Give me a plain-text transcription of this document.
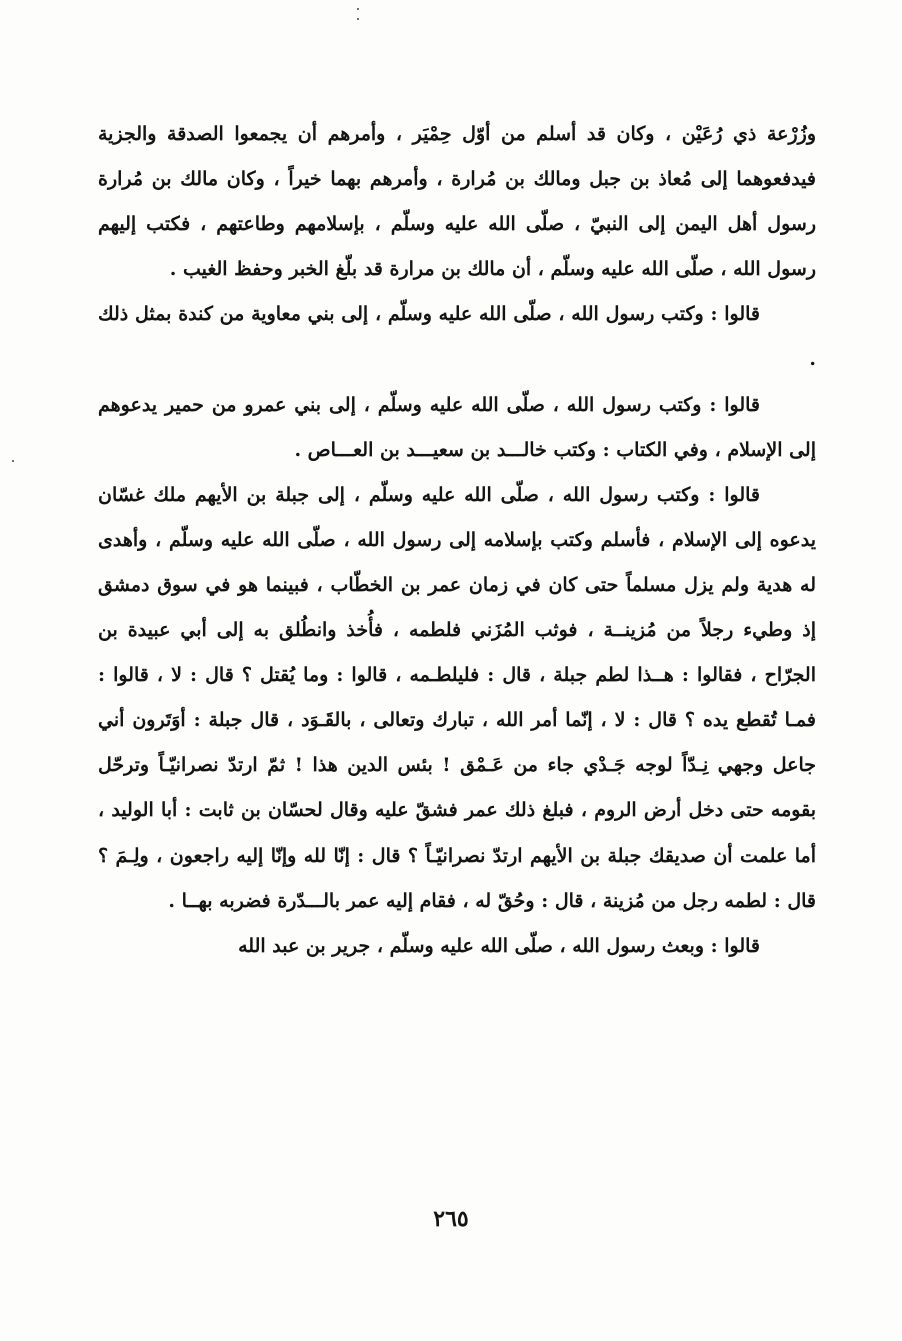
وزُرْعة ذي رُعَيْن ، وكان قد أسلم من أوّل حِمْيَر ، وأمرهم أن يجمعوا الصدقة والجزية فيدفعوهما إلى مُعاذ بن جبل ومالك بن مُرارة ، وأمرهم بهما خيراً ، وكان مالك بن مُرارة رسول أهل اليمن إلى النبيّ ، صلّى الله عليه وسلّم ، بإسلامهم وطاعتهم ، فكتب إليهم رسول الله ، صلّى الله عليه وسلّم ، أن مالك بن مرارة قد بلّغ الخبر وحفظ الغيب .

قالوا : وكتب رسول الله ، صلّى الله عليه وسلّم ، إلى بني معاوية من كندة بمثل ذلك .

قالوا : وكتب رسول الله ، صلّى الله عليه وسلّم ، إلى بني عمرو من حمير يدعوهم إلى الإسلام ، وفي الكتاب : وكتب خالـــد بن سعيـــد بن العـــاص .

قالوا : وكتب رسول الله ، صلّى الله عليه وسلّم ، إلى جبلة بن الأيهم ملك غسّان يدعوه إلى الإسلام ، فأسلم وكتب بإسلامه إلى رسول الله ، صلّى الله عليه وسلّم ، وأهدى له هدية ولم يزل مسلماً حتى كان في زمان عمر بن الخطّاب ، فبينما هو في سوق دمشق إذ وطيء رجلاً من مُزينــة ، فوثب المُزَني فلطمه ، فأُخذ وانطُلق به إلى أبي عبيدة بن الجرّاح ، فقالوا : هــذا لطم جبلة ، قال : فليلطـمه ، قالوا : وما يُقتل ؟ قال : لا ، قالوا : فمـا تُقطع يده ؟ قال : لا ، إنّما أمر الله ، تبارك وتعالى ، بالقَـوَد ، قال جبلة : أوَتَرون أني جاعل وجهي نِـدّاً لوجه جَـدْي جاء من عَـمْق ! بئس الدين هذا ! ثمّ ارتدّ نصرانيّـاً وترحّل بقومه حتى دخل أرض الروم ، فبلغ ذلك عمر فشقّ عليه وقال لحسّان بن ثابت : أبا الوليد ، أما علمت أن صديقك جبلة بن الأيهم ارتدّ نصرانيّـاً ؟ قال : إنّا لله وإنّا إليه راجعون ، ولِـمَ ؟ قال : لطمه رجل من مُزينة ، قال : وحُقّ له ، فقام إليه عمر بالـــدّرة فضربه بهــا .

قالوا : وبعث رسول الله ، صلّى الله عليه وسلّم ، جرير بن عبد الله

٢٦٥
